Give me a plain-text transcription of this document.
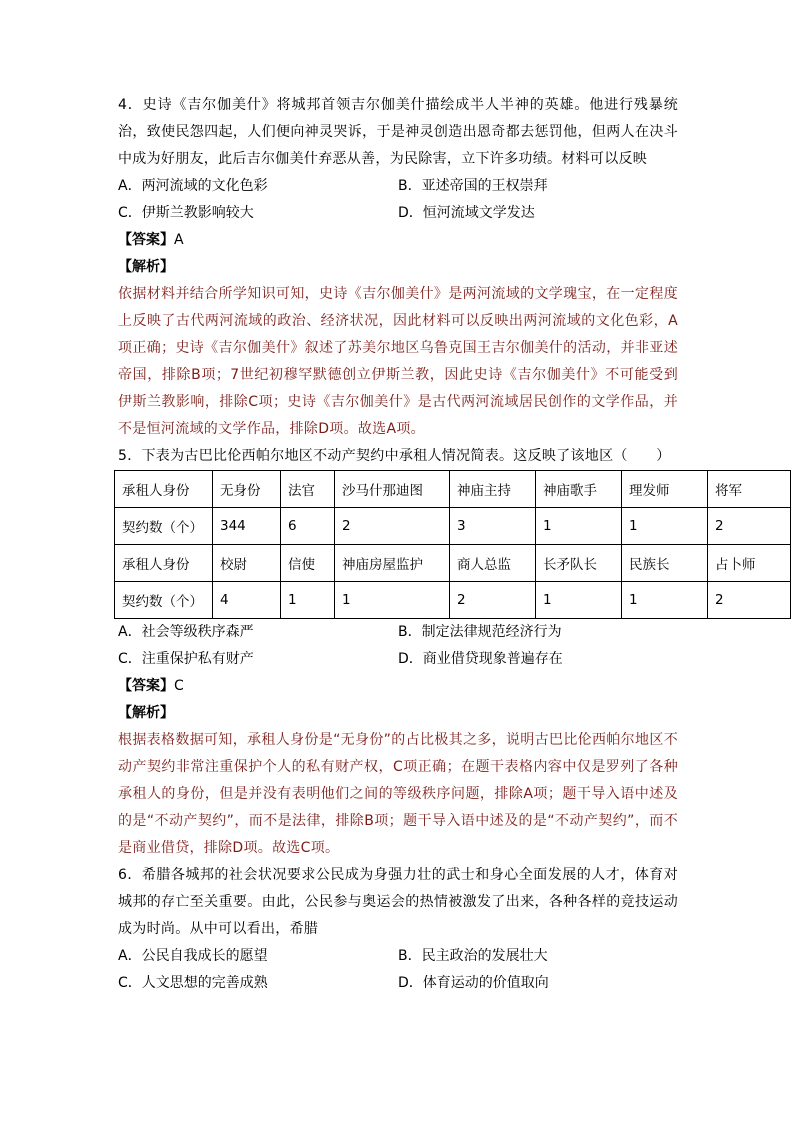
4．史诗《吉尔伽美什》将城邦首领吉尔伽美什描绘成半人半神的英雄。他进行残暴统治，致使民怨四起，人们便向神灵哭诉，于是神灵创造出恩奇都去惩罚他，但两人在决斗中成为好朋友，此后吉尔伽美什弃恶从善，为民除害，立下许多功绩。材料可以反映

A．两河流域的文化色彩	B．亚述帝国的王权崇拜
C．伊斯兰教影响较大	D．恒河流域文学发达

【答案】A

【解析】

依据材料并结合所学知识可知，史诗《吉尔伽美什》是两河流域的文学瑰宝，在一定程度上反映了古代两河流域的政治、经济状况，因此材料可以反映出两河流域的文化色彩，A项正确；史诗《吉尔伽美什》叙述了苏美尔地区乌鲁克国王吉尔伽美什的活动，并非亚述帝国，排除B项；7世纪初穆罕默德创立伊斯兰教，因此史诗《吉尔伽美什》不可能受到伊斯兰教影响，排除C项；史诗《吉尔伽美什》是古代两河流域居民创作的文学作品，并不是恒河流域的文学作品，排除D项。故选A项。

5．下表为古巴比伦西帕尔地区不动产契约中承租人情况简表。这反映了该地区（　　）

承租人身份	无身份	法官	沙马什那迪图	神庙主持	神庙歌手	理发师	将军
契约数（个）	344	6	2	3	1	1	2
承租人身份	校尉	信使	神庙房屋监护	商人总监	长矛队长	民族长	占卜师
契约数（个）	4	1	1	2	1	1	2
A．社会等级秩序森严	B．制定法律规范经济行为
C．注重保护私有财产	D．商业借贷现象普遍存在

【答案】C

【解析】

根据表格数据可知，承租人身份是“无身份”的占比极其之多，说明古巴比伦西帕尔地区不动产契约非常注重保护个人的私有财产权，C项正确；在题干表格内容中仅是罗列了各种承租人的身份，但是并没有表明他们之间的等级秩序问题，排除A项；题干导入语中述及的是“不动产契约”，而不是法律，排除B项；题干导入语中述及的是“不动产契约”，而不是商业借贷，排除D项。故选C项。

6．希腊各城邦的社会状况要求公民成为身强力壮的武士和身心全面发展的人才，体育对城邦的存亡至关重要。由此，公民参与奥运会的热情被激发了出来，各种各样的竞技运动成为时尚。从中可以看出，希腊

A．公民自我成长的愿望	B．民主政治的发展壮大
C．人文思想的完善成熟	D．体育运动的价值取向
